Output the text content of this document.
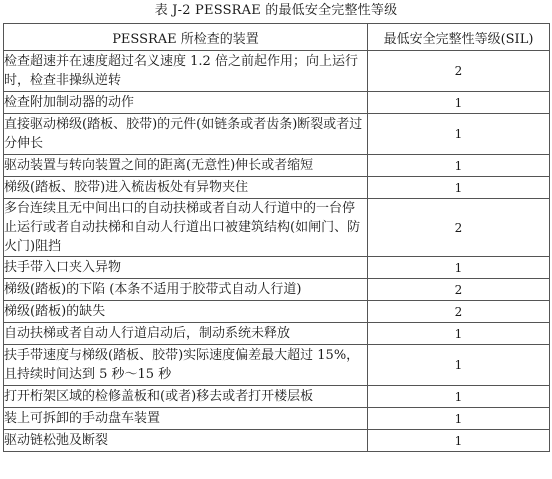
表 J-2 PESSRAE 的最低安全完整性等级
PESSRAE 所检查的装置	最低安全完整性等级(SIL)
检查超速并在速度超过名义速度 1.2 倍之前起作用；向上运行时，检查非操纵逆转	2
检查附加制动器的动作	1
直接驱动梯级(踏板、胶带)的元件(如链条或者齿条)断裂或者过分伸长	1
驱动装置与转向装置之间的距离(无意性)伸长或者缩短	1
梯级(踏板、胶带)进入梳齿板处有异物夹住	1
多台连续且无中间出口的自动扶梯或者自动人行道中的一台停止运行或者自动扶梯和自动人行道出口被建筑结构(如闸门、防火门)阻挡	2
扶手带入口夹入异物	1
梯级(踏板)的下陷 (本条不适用于胶带式自动人行道)	2
梯级(踏板)的缺失	2
自动扶梯或者自动人行道启动后，制动系统未释放	1
扶手带速度与梯级(踏板、胶带)实际速度偏差最大超过 15%，且持续时间达到 5 秒～15 秒	1
打开桁架区域的检修盖板和(或者)移去或者打开楼层板	1
装上可拆卸的手动盘车装置	1
驱动链松弛及断裂	1
